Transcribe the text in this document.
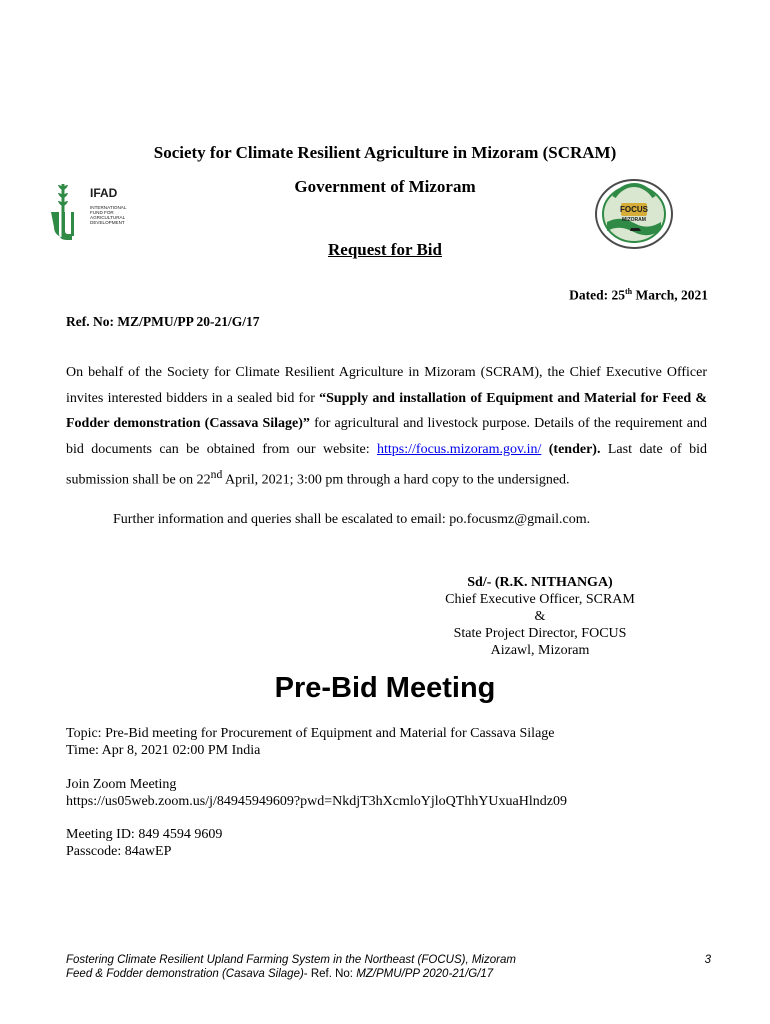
Society for Climate Resilient Agriculture in Mizoram (SCRAM)
Government of Mizoram
Request for Bid
IFAD
INTERNATIONAL
FUND FOR
AGRICULTURAL
DEVELOPMENT
FOCUS
MIZORAM
Dated: 25th March, 2021
Ref. No: MZ/PMU/PP 20-21/G/17
On behalf of the Society for Climate Resilient Agriculture in Mizoram (SCRAM), the Chief Executive Officer invites interested bidders in a sealed bid for “Supply and installation of Equipment and Material for Feed & Fodder demonstration (Cassava Silage)” for agricultural and livestock purpose. Details of the requirement and bid documents can be obtained from our website: https://focus.mizoram.gov.in/ (tender). Last date of bid submission shall be on 22nd April, 2021; 3:00 pm through a hard copy to the undersigned.
Further information and queries shall be escalated to email: po.focusmz@gmail.com.
Sd/- (R.K. NITHANGA)
Chief Executive Officer, SCRAM
&
State Project Director, FOCUS
Aizawl, Mizoram
Pre-Bid Meeting
Topic: Pre-Bid meeting for Procurement of Equipment and Material for Cassava Silage
Time: Apr 8, 2021 02:00 PM India
Join Zoom Meeting
https://us05web.zoom.us/j/84945949609?pwd=NkdjT3hXcmloYjloQThhYUxuaHlndz09
Meeting ID: 849 4594 9609
Passcode: 84awEP
Fostering Climate Resilient Upland Farming System in the Northeast (FOCUS), Mizoram
Feed & Fodder demonstration (Casava Silage)- Ref. No: MZ/PMU/PP 2020-21/G/17
3
